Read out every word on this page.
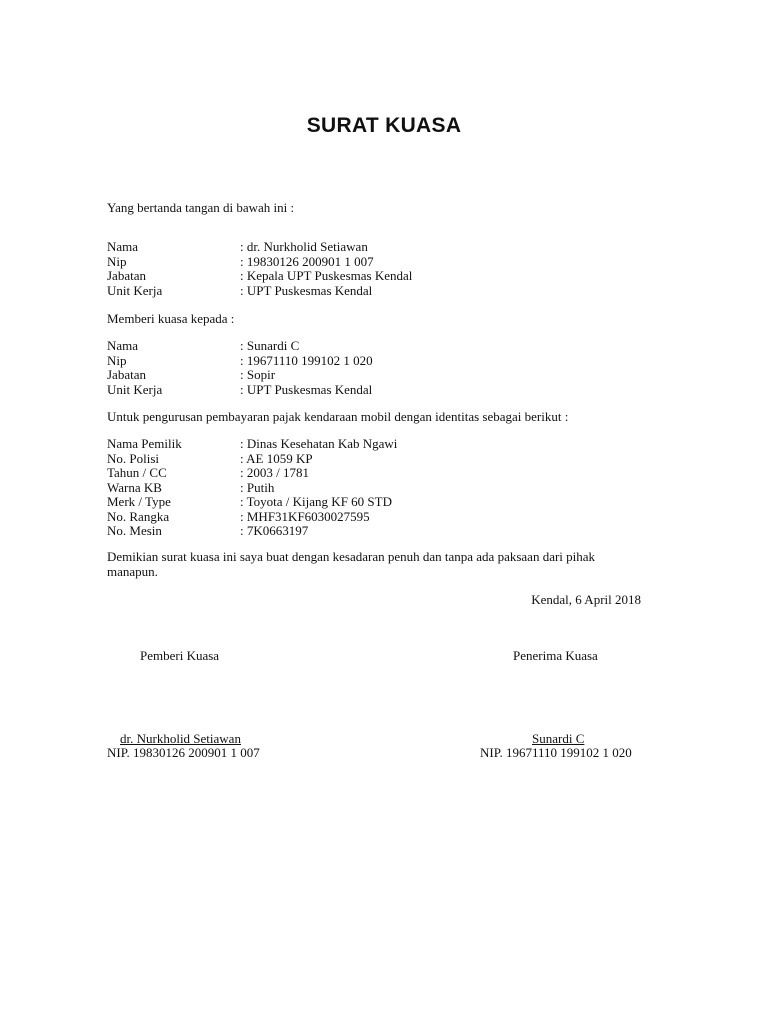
SURAT KUASA
Yang bertanda tangan di bawah ini :
Nama	: dr. Nurkholid Setiawan
Nip	: 19830126 200901 1 007
Jabatan	: Kepala UPT Puskesmas Kendal
Unit Kerja	: UPT Puskesmas Kendal
Memberi kuasa kepada :
Nama	: Sunardi C
Nip	: 19671110 199102 1 020
Jabatan	: Sopir
Unit Kerja	: UPT Puskesmas Kendal
Untuk pengurusan pembayaran pajak kendaraan mobil dengan identitas sebagai berikut :
Nama Pemilik	: Dinas Kesehatan Kab Ngawi
No. Polisi	: AE 1059 KP
Tahun / CC	: 2003 / 1781
Warna KB	: Putih
Merk / Type	: Toyota / Kijang KF 60 STD
No. Rangka	: MHF31KF6030027595
No. Mesin	: 7K0663197
Demikian surat kuasa ini saya buat dengan kesadaran penuh dan tanpa ada paksaan dari pihak manapun.
Kendal, 6 April 2018
Pemberi Kuasa	Penerima Kuasa
dr. Nurkholid Setiawan
NIP. 19830126 200901 1 007
Sunardi C
NIP. 19671110 199102 1 020
